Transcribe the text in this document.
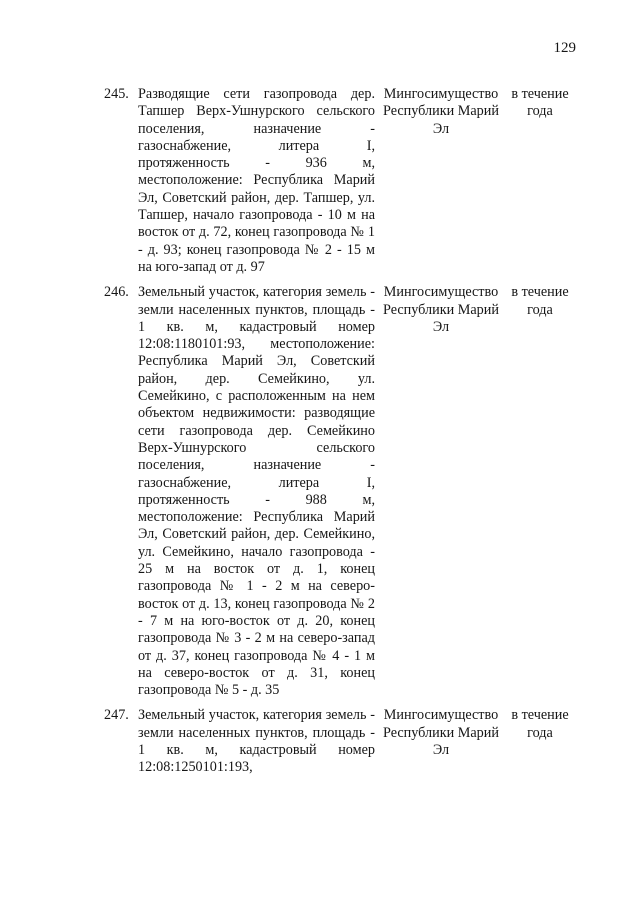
129
245. Разводящие сети газопровода дер. Тапшер Верх-Ушнурского сельского поселения, назначение - газоснабжение, литера I, протяженность - 936 м, местоположение: Республика Марий Эл, Советский район, дер. Тапшер, ул. Тапшер, начало газопровода - 10 м на восток от д. 72, конец газопровода № 1 - д. 93; конец газопровода № 2 - 15 м на юго-запад от д. 97
Мингосимущество Республики Марий Эл
в течение года
246. Земельный участок, категория земель - земли населенных пунктов, площадь - 1 кв. м, кадастровый номер 12:08:1180101:93, местоположение: Республика Марий Эл, Советский район, дер. Семейкино, ул. Семейкино, с расположенным на нем объектом недвижимости: разводящие сети газопровода дер. Семейкино Верх-Ушнурского сельского поселения, назначение - газоснабжение, литера I, протяженность - 988 м, местоположение: Республика Марий Эл, Советский район, дер. Семейкино, ул. Семейкино, начало газопровода - 25 м на восток от д. 1, конец газопровода № 1 - 2 м на северо-восток от д. 13, конец газопровода № 2 - 7 м на юго-восток от д. 20, конец газопровода № 3 - 2 м на северо-запад от д. 37, конец газопровода № 4 - 1 м на северо-восток от д. 31, конец газопровода № 5 - д. 35
Мингосимущество Республики Марий Эл
в течение года
247. Земельный участок, категория земель - земли населенных пунктов, площадь - 1 кв. м, кадастровый номер 12:08:1250101:193,
Мингосимущество Республики Марий Эл
в течение года
